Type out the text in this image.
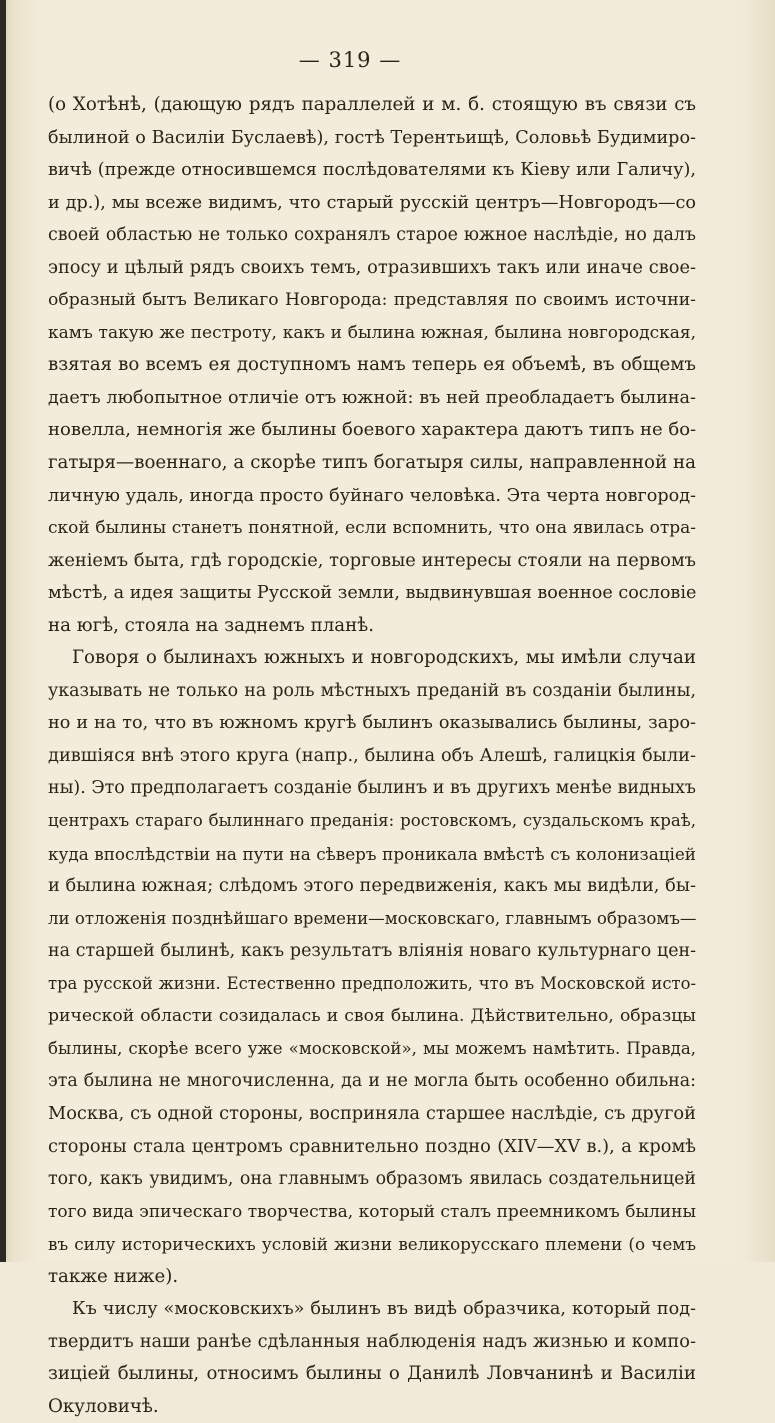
— 319 —
(о Хотѣнѣ, (дающую рядъ параллелей и м. б. стоящую въ связи съ
былиной о Василіи Буслаевѣ), гостѣ Терентьищѣ, Соловьѣ Будимиро-
вичѣ (прежде относившемся послѣдователями къ Кіеву или Галичу),
и др.), мы всеже видимъ, что старый русскій центръ—Новгородъ—со
своей областью не только сохранялъ старое южное наслѣдіе, но далъ
эпосу и цѣлый рядъ своихъ темъ, отразившихъ такъ или иначе свое-
образный бытъ Великаго Новгорода: представляя по своимъ источни-
камъ такую же пестроту, какъ и былина южная, былина новгородская,
взятая во всемъ ея доступномъ намъ теперь ея объемѣ, въ общемъ
даетъ любопытное отличіе отъ южной: въ ней преобладаетъ былина-
новелла, немногія же былины боевого характера даютъ типъ не бо-
гатыря—военнаго, а скорѣе типъ богатыря силы, направленной на
личную удаль, иногда просто буйнаго человѣка. Эта черта новгород-
ской былины станетъ понятной, если вспомнить, что она явилась отра-
женіемъ быта, гдѣ городскіе, торговые интересы стояли на первомъ
мѣстѣ, а идея защиты Русской земли, выдвинувшая военное сословіе
на югѣ, стояла на заднемъ планѣ.
Говоря о былинахъ южныхъ и новгородскихъ, мы имѣли случаи
указывать не только на роль мѣстныхъ преданій въ созданіи былины,
но и на то, что въ южномъ кругѣ былинъ оказывались былины, заро-
дившіяся внѣ этого круга (напр., былина объ Алешѣ, галицкія были-
ны). Это предполагаетъ созданіе былинъ и въ другихъ менѣе видныхъ
центрахъ стараго былиннаго преданія: ростовскомъ, суздальскомъ краѣ,
куда впослѣдствіи на пути на сѣверъ проникала вмѣстѣ съ колонизаціей
и былина южная; слѣдомъ этого передвиженія, какъ мы видѣли, бы-
ли отложенія позднѣйшаго времени—московскаго, главнымъ образомъ—
на старшей былинѣ, какъ результатъ вліянія новаго культурнаго цен-
тра русской жизни. Естественно предположить, что въ Московской исто-
рической области созидалась и своя былина. Дѣйствительно, образцы
былины, скорѣе всего уже «московской», мы можемъ намѣтить. Правда,
эта былина не многочисленна, да и не могла быть особенно обильна:
Москва, съ одной стороны, восприняла старшее наслѣдіе, съ другой
стороны стала центромъ сравнительно поздно (XIV—XV в.), а кромѣ
того, какъ увидимъ, она главнымъ образомъ явилась создательницей
того вида эпическаго творчества, который сталъ преемникомъ былины
въ силу историческихъ условій жизни великорусскаго племени (о чемъ
также ниже).
Къ числу «московскихъ» былинъ въ видѣ образчика, который под-
твердитъ наши ранѣе сдѣланныя наблюденія надъ жизнью и компо-
зиціей былины, относимъ былины о Данилѣ Ловчанинѣ и Василіи
Окуловичѣ.
